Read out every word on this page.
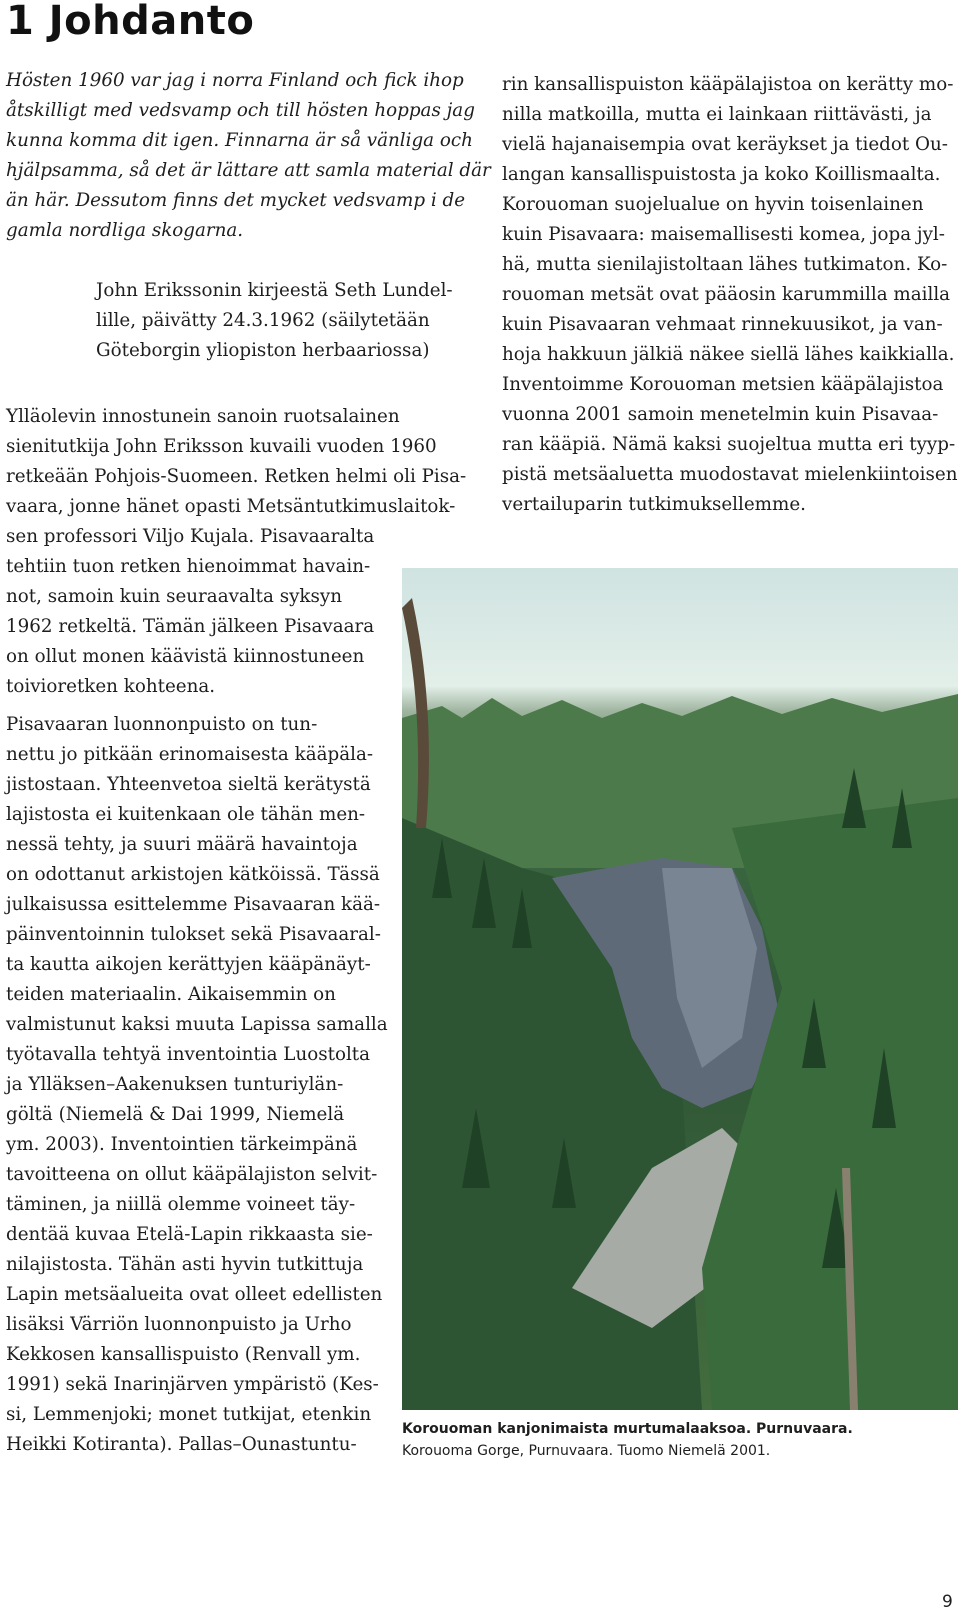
1 Johdanto
Hösten 1960 var jag i norra Finland och fick ihop
åtskilligt med vedsvamp och till hösten hoppas jag
kunna komma dit igen. Finnarna är så vänliga och
hjälpsamma, så det är lättare att samla material där
än här. Dessutom finns det mycket vedsvamp i de
gamla nordliga skogarna.
John Erikssonin kirjeestä Seth Lundel-
lille, päivätty 24.3.1962 (säilytetään
Göteborgin yliopiston herbaariossa)
Ylläolevin innostunein sanoin ruotsalainen
sienitutkija John Eriksson kuvaili vuoden 1960
retkeään Pohjois-Suomeen. Retken helmi oli Pisa-
vaara, jonne hänet opasti Metsäntutkimuslaitok-
sen professori Viljo Kujala. Pisavaaralta
tehtiin tuon retken hienoimmat havain-
not, samoin kuin seuraavalta syksyn
1962 retkeltä. Tämän jälkeen Pisavaara
on ollut monen käävistä kiinnostuneen
toivioretken kohteena.
Pisavaaran luonnonpuisto on tun-
nettu jo pitkään erinomaisesta kääpäla-
jistostaan. Yhteenvetoa sieltä kerätystä
lajistosta ei kuitenkaan ole tähän men-
nessä tehty, ja suuri määrä havaintoja
on odottanut arkistojen kätköissä. Tässä
julkaisussa esittelemme Pisavaaran kää-
päinventoinnin tulokset sekä Pisavaaral-
ta kautta aikojen kerättyjen kääpänäyt-
teiden materiaalin. Aikaisemmin on
valmistunut kaksi muuta Lapissa samalla
työtavalla tehtyä inventointia Luostolta
ja Ylläksen–Aakenuksen tunturiylän-
göltä (Niemelä & Dai 1999, Niemelä
ym. 2003). Inventointien tärkeimpänä
tavoitteena on ollut kääpälajiston selvit-
täminen, ja niillä olemme voineet täy-
dentää kuvaa Etelä-Lapin rikkaasta sie-
nilajistosta. Tähän asti hyvin tutkittuja
Lapin metsäalueita ovat olleet edellisten
lisäksi Värriön luonnonpuisto ja Urho
Kekkosen kansallispuisto (Renvall ym.
1991) sekä Inarinjärven ympäristö (Kes-
si, Lemmenjoki; monet tutkijat, etenkin
Heikki Kotiranta). Pallas–Ounastuntu-
rin kansallispuiston kääpälajistoa on kerätty mo-
nilla matkoilla, mutta ei lainkaan riittävästi, ja
vielä hajanaisempia ovat keräykset ja tiedot Ou-
langan kansallispuistosta ja koko Koillismaalta.
Korouoman suojelualue on hyvin toisenlainen
kuin Pisavaara: maisemallisesti komea, jopa jyl-
hä, mutta sienilajistoltaan lähes tutkimaton. Ko-
rouoman metsät ovat pääosin karummilla mailla
kuin Pisavaaran vehmaat rinnekuusikot, ja van-
hoja hakkuun jälkiä näkee siellä lähes kaikkialla.
Inventoimme Korouoman metsien kääpälajistoa
vuonna 2001 samoin menetelmin kuin Pisavaa-
ran kääpiä. Nämä kaksi suojeltua mutta eri tyyp-
pistä metsäaluetta muodostavat mielenkiintoisen
vertailuparin tutkimuksellemme.
Korouoman kanjonimaista murtumalaaksoa. Purnuvaara.
Korouoma Gorge, Purnuvaara. Tuomo Niemelä 2001.
9
